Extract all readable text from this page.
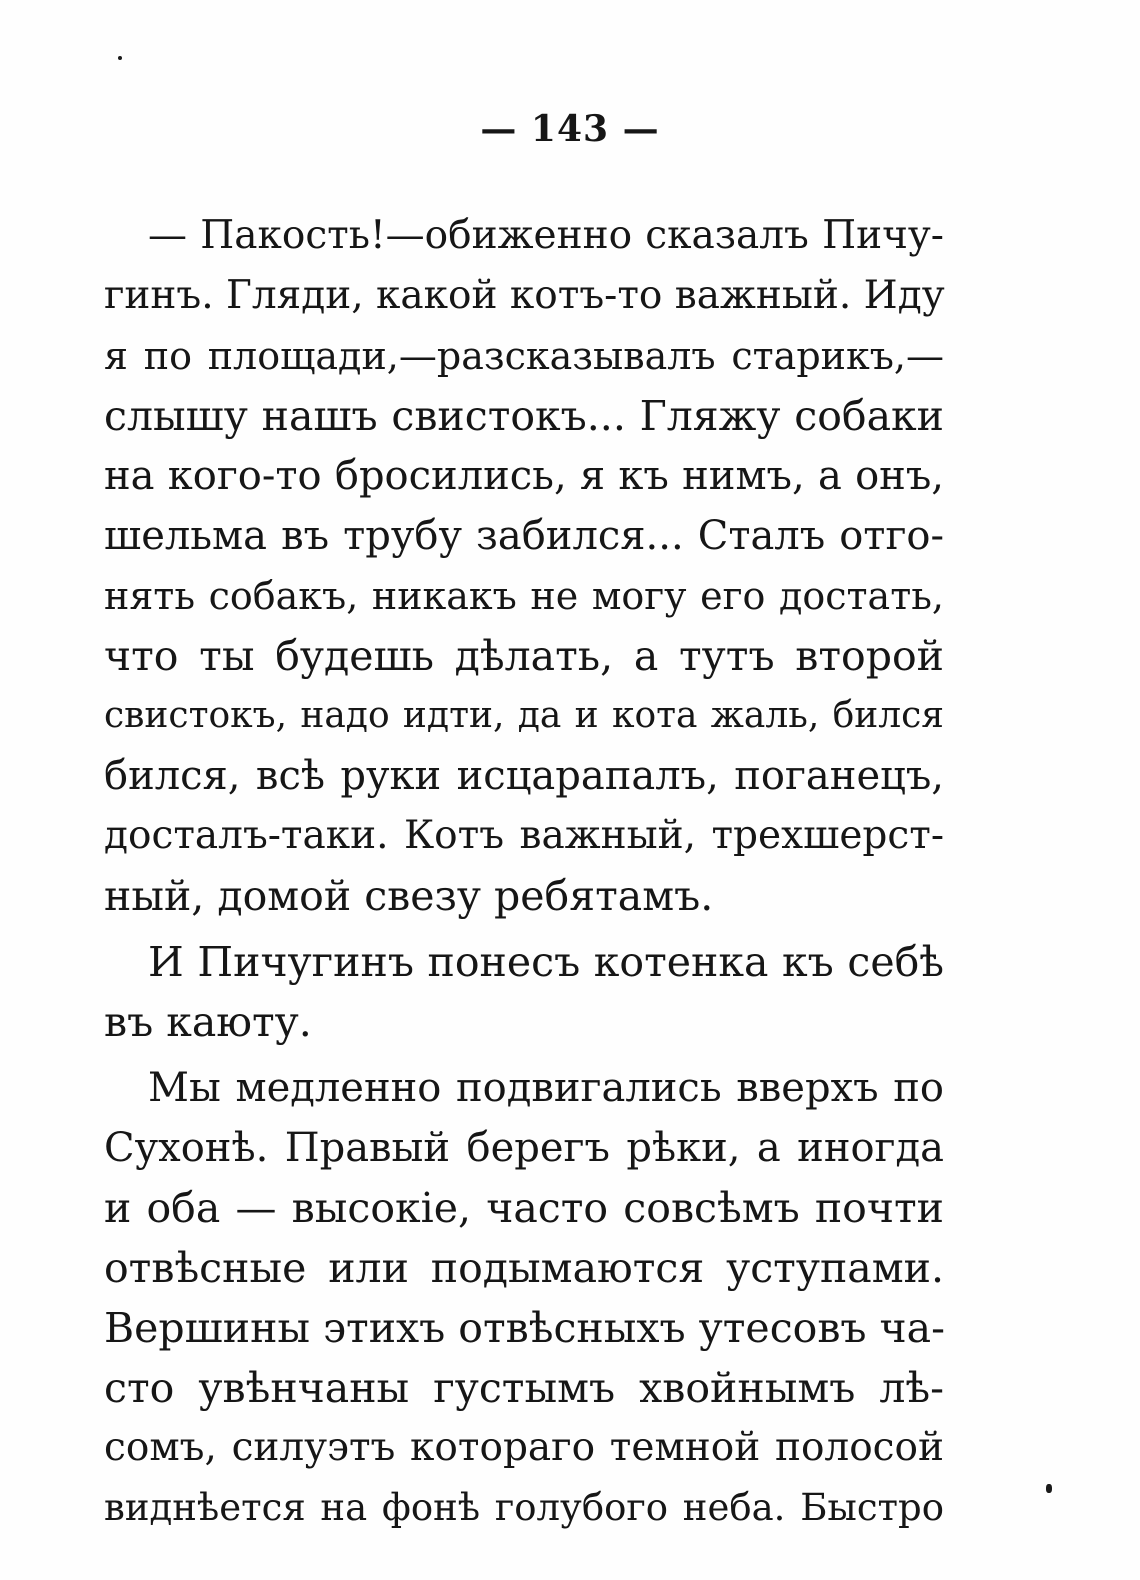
— 143 —
— Пакость!—обиженно сказалъ Пичу-
гинъ. Гляди, какой котъ-то важный. Иду
я по площади,—разсказывалъ старикъ,—
слышу нашъ свистокъ... Гляжу собаки
на кого-то бросились, я къ нимъ, а онъ,
шельма въ трубу забился... Сталъ отго-
нять собакъ, никакъ не могу его достать,
что ты будешь дѣлать, а тутъ второй
свистокъ, надо идти, да и кота жаль, бился
бился, всѣ руки исцарапалъ, поганецъ,
досталъ-таки. Котъ важный, трехшерст-
ный, домой свезу ребятамъ.
И Пичугинъ понесъ котенка къ себѣ
въ каюту.
Мы медленно подвигались вверхъ по
Сухонѣ. Правый берегъ рѣки, а иногда
и оба — высокіе, часто совсѣмъ почти
отвѣсные или подымаются уступами.
Вершины этихъ отвѣсныхъ утесовъ ча-
сто увѣнчаны густымъ хвойнымъ лѣ-
сомъ, силуэтъ котораго темной полосой
виднѣется на фонѣ голубого неба. Быстро
